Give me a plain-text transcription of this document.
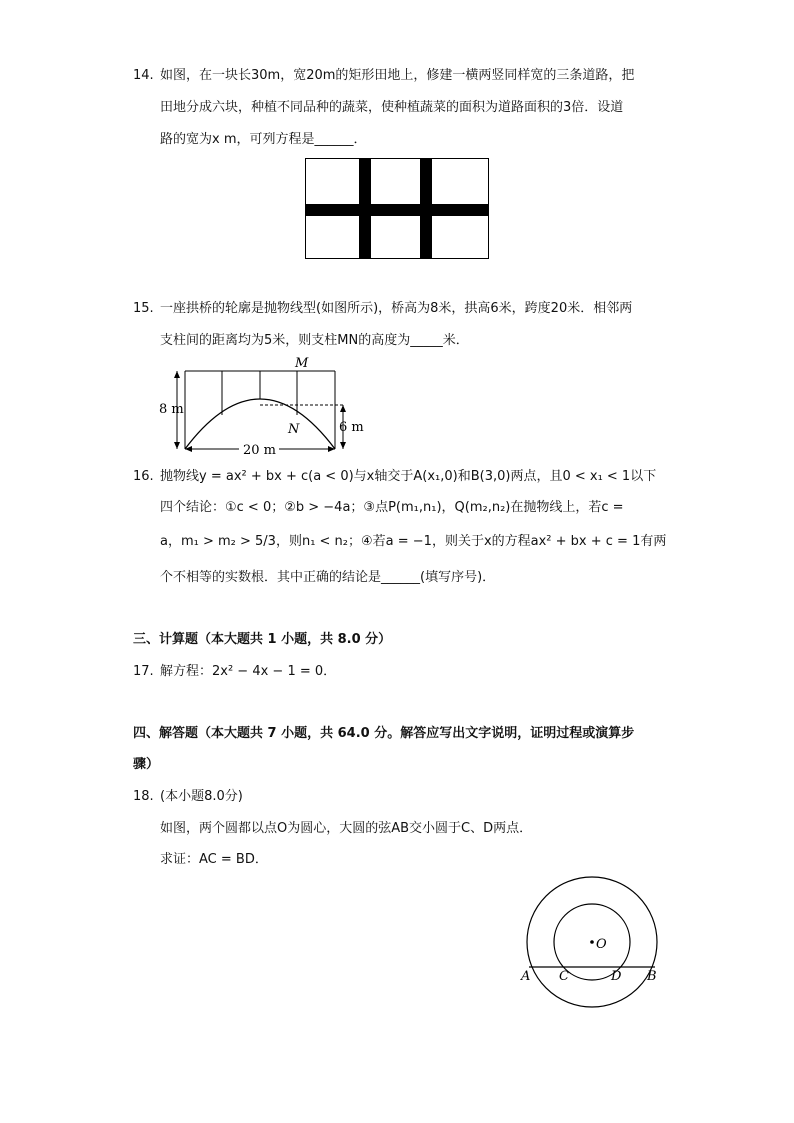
14. 如图，在一块长30m，宽20m的矩形田地上，修建一横两竖同样宽的三条道路，把
田地分成六块，种植不同品种的蔬菜，使种植蔬菜的面积为道路面积的3倍．设道
路的宽为x m，可列方程是______．
15. 一座拱桥的轮廓是抛物线型(如图所示)，桥高为8米，拱高6米，跨度20米．相邻两
支柱间的距离均为5米，则支柱MN的高度为_____米．
8 m
6 m
20 m
M
N
16. 抛物线y = ax² + bx + c(a < 0)与x轴交于A(x₁,0)和B(3,0)两点，且0 < x₁ < 1以下
四个结论：①c < 0；②b > −4a；③点P(m₁,n₁)，Q(m₂,n₂)在抛物线上，若c =
a，m₁ > m₂ > 5/3，则n₁ < n₂；④若a = −1，则关于x的方程ax² + bx + c = 1有两
个不相等的实数根．其中正确的结论是______(填写序号)．
三、计算题（本大题共 1 小题，共 8.0 分）
17. 解方程：2x² − 4x − 1 = 0．
四、解答题（本大题共 7 小题，共 64.0 分。解答应写出文字说明，证明过程或演算步
骤）
18. (本小题8.0分)
如图，两个圆都以点O为圆心，大圆的弦AB交小圆于C、D两点．
求证：AC = BD．
O
A C	D B
